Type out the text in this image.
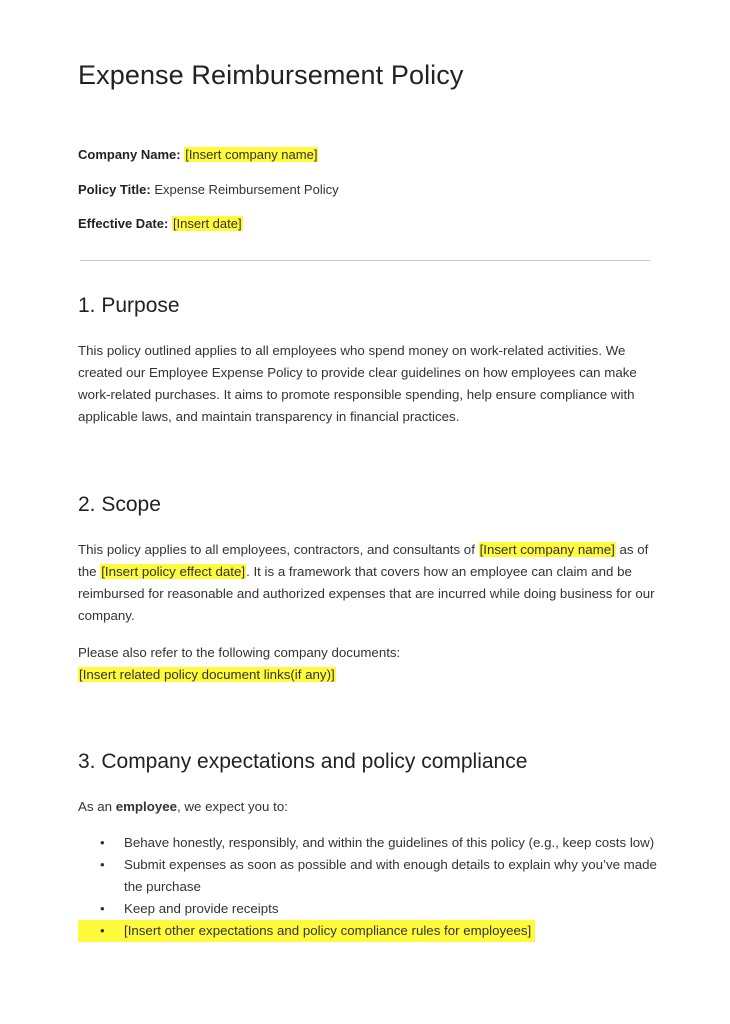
Expense Reimbursement Policy
Company Name: [Insert company name]
Policy Title: Expense Reimbursement Policy
Effective Date: [Insert date]
1. Purpose

This policy outlined applies to all employees who spend money on work-related activities. We created our Employee Expense Policy to provide clear guidelines on how employees can make work-related purchases. It aims to promote responsible spending, help ensure compliance with applicable laws, and maintain transparency in financial practices.

2. Scope

This policy applies to all employees, contractors, and consultants of [Insert company name] as of the [Insert policy effect date]. It is a framework that covers how an employee can claim and be reimbursed for reasonable and authorized expenses that are incurred while doing business for our company.

Please also refer to the following company documents:

[Insert related policy document links(if any)]

3. Company expectations and policy compliance

As an employee, we expect you to:

• Behave honestly, responsibly, and within the guidelines of this policy (e.g., keep costs low)
• Submit expenses as soon as possible and with enough details to explain why you’ve made the purchase
• Keep and provide receipts
• [Insert other expectations and policy compliance rules for employees]
